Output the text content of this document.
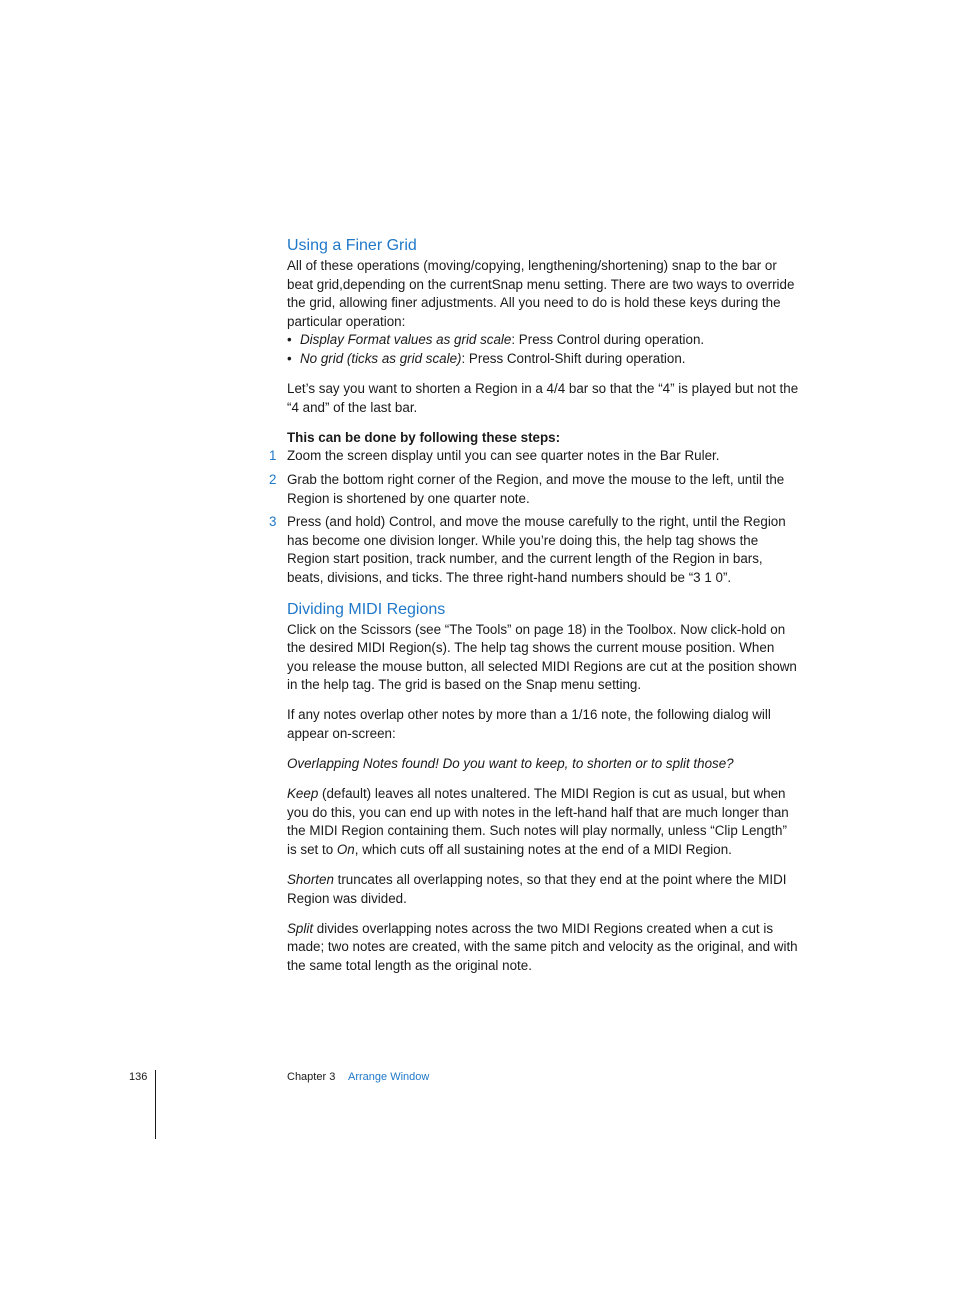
Using a Finer Grid

All of these operations (moving/copying, lengthening/shortening) snap to the bar or beat grid,depending on the currentSnap menu setting. There are two ways to override the grid, allowing finer adjustments. All you need to do is hold these keys during the particular operation:

• Display Format values as grid scale: Press Control during operation.
• No grid (ticks as grid scale): Press Control-Shift during operation.

Let’s say you want to shorten a Region in a 4/4 bar so that the “4” is played but not the “4 and” of the last bar.

This can be done by following these steps:

1 Zoom the screen display until you can see quarter notes in the Bar Ruler.
2 Grab the bottom right corner of the Region, and move the mouse to the left, until the Region is shortened by one quarter note.
3 Press (and hold) Control, and move the mouse carefully to the right, until the Region has become one division longer. While you’re doing this, the help tag shows the Region start position, track number, and the current length of the Region in bars, beats, divisions, and ticks. The three right-hand numbers should be “3 1 0”.
Dividing MIDI Regions

Click on the Scissors (see “The Tools” on page 18) in the Toolbox. Now click-hold on the desired MIDI Region(s). The help tag shows the current mouse position. When you release the mouse button, all selected MIDI Regions are cut at the position shown in the help tag. The grid is based on the Snap menu setting.

If any notes overlap other notes by more than a 1/16 note, the following dialog will appear on-screen:

Overlapping Notes found! Do you want to keep, to shorten or to split those?

Keep (default) leaves all notes unaltered. The MIDI Region is cut as usual, but when you do this, you can end up with notes in the left-hand half that are much longer than the MIDI Region containing them. Such notes will play normally, unless “Clip Length” is set to On, which cuts off all sustaining notes at the end of a MIDI Region.

Shorten truncates all overlapping notes, so that they end at the point where the MIDI Region was divided.

Split divides overlapping notes across the two MIDI Regions created when a cut is made; two notes are created, with the same pitch and velocity as the original, and with the same total length as the original note.

136	Chapter 3 Arrange Window
